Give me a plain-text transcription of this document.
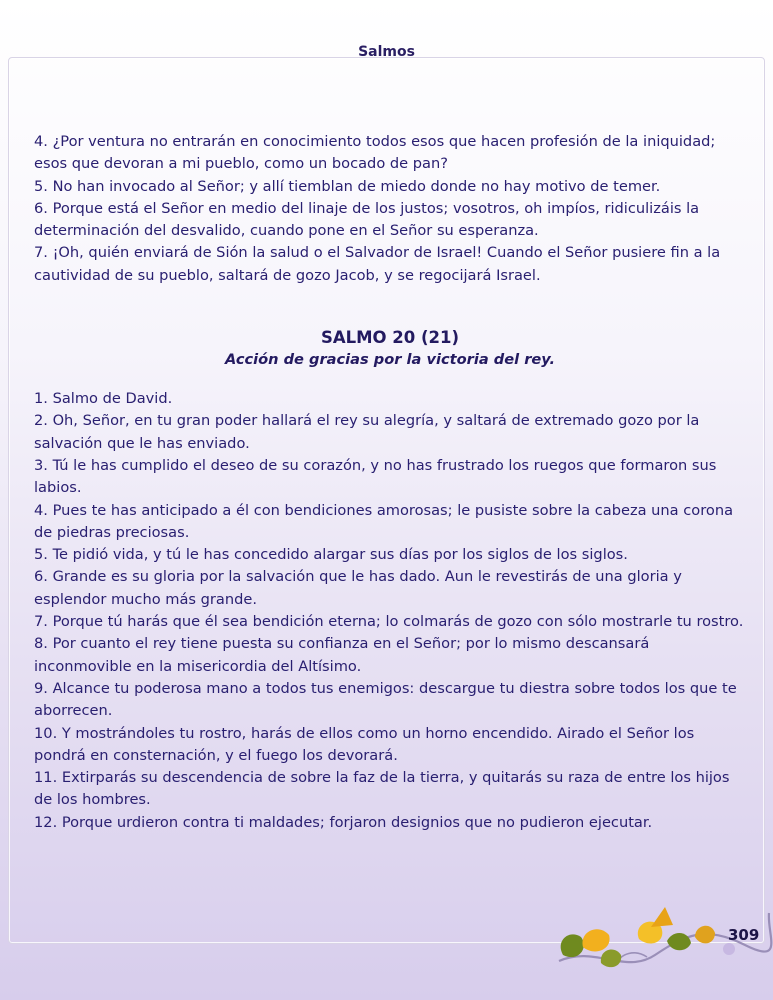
Salmos

4. ¿Por ventura no entrarán en conocimiento todos esos que hacen profesión de la iniquidad; esos que devoran a mi pueblo, como un bocado de pan?

5. No han invocado al Señor; y allí tiemblan de miedo donde no hay motivo de temer.

6. Porque está el Señor en medio del linaje de los justos; vosotros, oh impíos, ridiculizáis la determinación del desvalido, cuando pone en el Señor su esperanza.

7. ¡Oh, quién enviará de Sión la salud o el Salvador de Israel! Cuando el Señor pusiere fin a la cautividad de su pueblo, saltará de gozo Jacob, y se regocijará Israel.

SALMO 20 (21)

Acción de gracias por la victoria del rey.

1. Salmo de David.

2. Oh, Señor, en tu gran poder hallará el rey su alegría, y saltará de extremado gozo por la salvación que le has enviado.

3. Tú le has cumplido el deseo de su corazón, y no has frustrado los ruegos que formaron sus labios.

4. Pues te has anticipado a él con bendiciones amorosas; le pusiste sobre la cabeza una corona de piedras preciosas.

5. Te pidió vida, y tú le has concedido alargar sus días por los siglos de los siglos.

6. Grande es su gloria por la salvación que le has dado. Aun le revestirás de una gloria y esplendor mucho más grande.

7. Porque tú harás que él sea bendición eterna; lo colmarás de gozo con sólo mostrarle tu rostro.

8. Por cuanto el rey tiene puesta su confianza en el Señor; por lo mismo descansará inconmovible en la misericordia del Altísimo.

9. Alcance tu poderosa mano a todos tus enemigos: descargue tu diestra sobre todos los que te aborrecen.

10. Y mostrándoles tu rostro, harás de ellos como un horno encendido. Airado el Señor los pondrá en consternación, y el fuego los devorará.

11. Extirparás su descendencia de sobre la faz de la tierra, y quitarás su raza de entre los hijos de los hombres.

12. Porque urdieron contra ti maldades; forjaron designios que no pudieron ejecutar.

309
